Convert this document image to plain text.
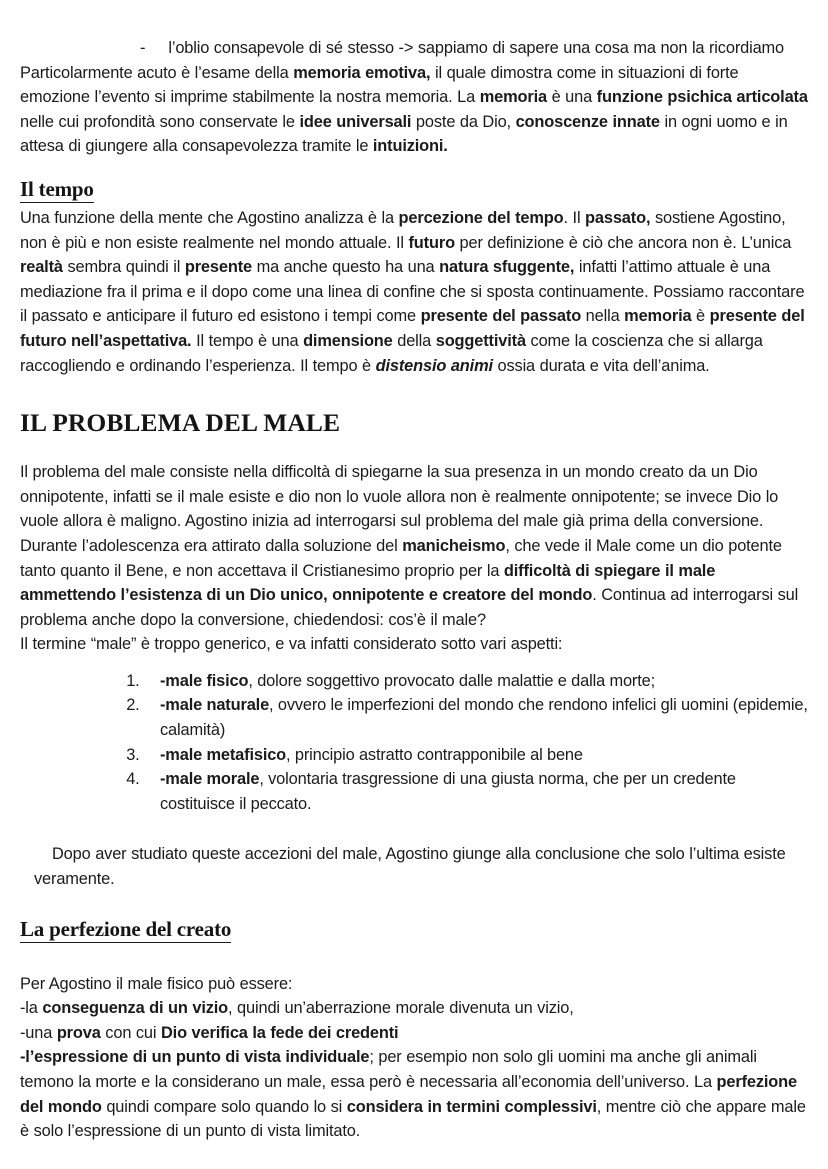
- l’oblio consapevole di sé stesso -> sappiamo di sapere una cosa ma non la ricordiamo
Particolarmente acuto è l’esame della memoria emotiva, il quale dimostra come in situazioni di forte emozione l’evento si imprime stabilmente la nostra memoria. La memoria è una funzione psichica articolata nelle cui profondità sono conservate le idee universali poste da Dio, conoscenze innate in ogni uomo e in attesa di giungere alla consapevolezza tramite le intuizioni.

Il tempo

Una funzione della mente che Agostino analizza è la percezione del tempo. Il passato, sostiene Agostino, non è più e non esiste realmente nel mondo attuale. Il futuro per definizione è ciò che ancora non è. L’unica realtà sembra quindi il presente ma anche questo ha una natura sfuggente, infatti l’attimo attuale è una mediazione fra il prima e il dopo come una linea di confine che si sposta continuamente. Possiamo raccontare il passato e anticipare il futuro ed esistono i tempi come presente del passato nella memoria è presente del futuro nell’aspettativa. Il tempo è una dimensione della soggettività come la coscienza che si allarga raccogliendo e ordinando l’esperienza. Il tempo è distensio animi ossia durata e vita dell’anima.

IL PROBLEMA DEL MALE

Il problema del male consiste nella difficoltà di spiegarne la sua presenza in un mondo creato da un Dio onnipotente, infatti se il male esiste e dio non lo vuole allora non è realmente onnipotente; se invece Dio lo vuole allora è maligno. Agostino inizia ad interrogarsi sul problema del male già prima della conversione. Durante l’adolescenza era attirato dalla soluzione del manicheismo, che vede il Male come un dio potente tanto quanto il Bene, e non accettava il Cristianesimo proprio per la difficoltà di spiegare il male ammettendo l’esistenza di un Dio unico, onnipotente e creatore del mondo. Continua ad interrogarsi sul problema anche dopo la conversione, chiedendosi: cos’è il male?

Il termine “male” è troppo generico, e va infatti considerato sotto vari aspetti:

1. -male fisico, dolore soggettivo provocato dalle malattie e dalla morte;
2. -male naturale, ovvero le imperfezioni del mondo che rendono infelici gli uomini (epidemie, calamità)
3. -male metafisico, principio astratto contrapponibile al bene
4. -male morale, volontaria trasgressione di una giusta norma, che per un credente costituisce il peccato.

Dopo aver studiato queste accezioni del male, Agostino giunge alla conclusione che solo l’ultima esiste veramente.

La perfezione del creato

Per Agostino il male fisico può essere:

-la conseguenza di un vizio, quindi un’aberrazione morale divenuta un vizio,

-una prova con cui Dio verifica la fede dei credenti

-l’espressione di un punto di vista individuale; per esempio non solo gli uomini ma anche gli animali temono la morte e la considerano un male, essa però è necessaria all’economia dell’universo. La perfezione del mondo quindi compare solo quando lo si considera in termini complessivi, mentre ciò che appare male è solo l’espressione di un punto di vista limitato.
